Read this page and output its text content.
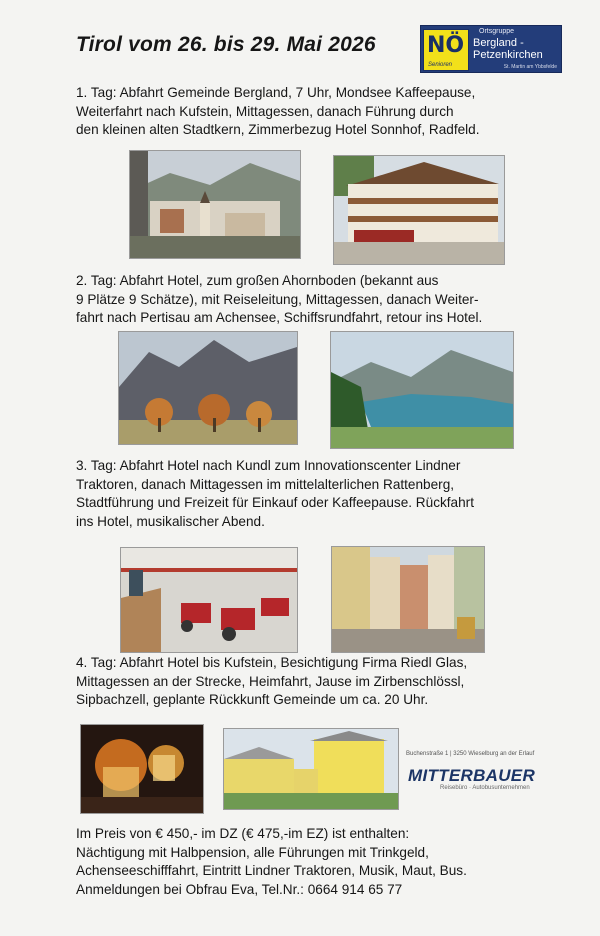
Tirol vom 26. bis 29. Mai 2026 NÖ
Senioren
Ortsgruppe
Bergland -
Petzenkirchen
St. Martin am Ybbsfelde
1. Tag: Abfahrt Gemeinde Bergland, 7 Uhr, Mondsee Kaffeepause,
Weiterfahrt nach Kufstein, Mittagessen, danach Führung durch
den kleinen alten Stadtkern, Zimmerbezug Hotel Sonnhof, Radfeld.
2. Tag: Abfahrt Hotel, zum großen Ahornboden (bekannt aus
9 Plätze 9 Schätze), mit Reiseleitung, Mittagessen, danach Weiter-
fahrt nach Pertisau am Achensee, Schiffsrundfahrt, retour ins Hotel.
3. Tag: Abfahrt Hotel nach Kundl zum Innovationscenter Lindner
Traktoren, danach Mittagessen im mittelalterlichen Rattenberg,
Stadtführung und Freizeit für Einkauf oder Kaffeepause. Rückfahrt
ins Hotel, musikalischer Abend.
4. Tag: Abfahrt Hotel bis Kufstein, Besichtigung Firma Riedl Glas,
Mittagessen an der Strecke, Heimfahrt, Jause im Zirbenschlössl,
Sipbachzell, geplante Rückkunft Gemeinde um ca. 20 Uhr.
Buchenstraße 1 | 3250 Wieselburg an der Erlauf
MITTERBAUER
Reisebüro · Autobusunternehmen
Im Preis von € 450,- im DZ (€ 475,-im EZ) ist enthalten:
Nächtigung mit Halbpension, alle Führungen mit Trinkgeld,
Achenseeschifffahrt, Eintritt Lindner Traktoren, Musik, Maut, Bus.
Anmeldungen bei Obfrau Eva, Tel.Nr.: 0664 914 65 77
